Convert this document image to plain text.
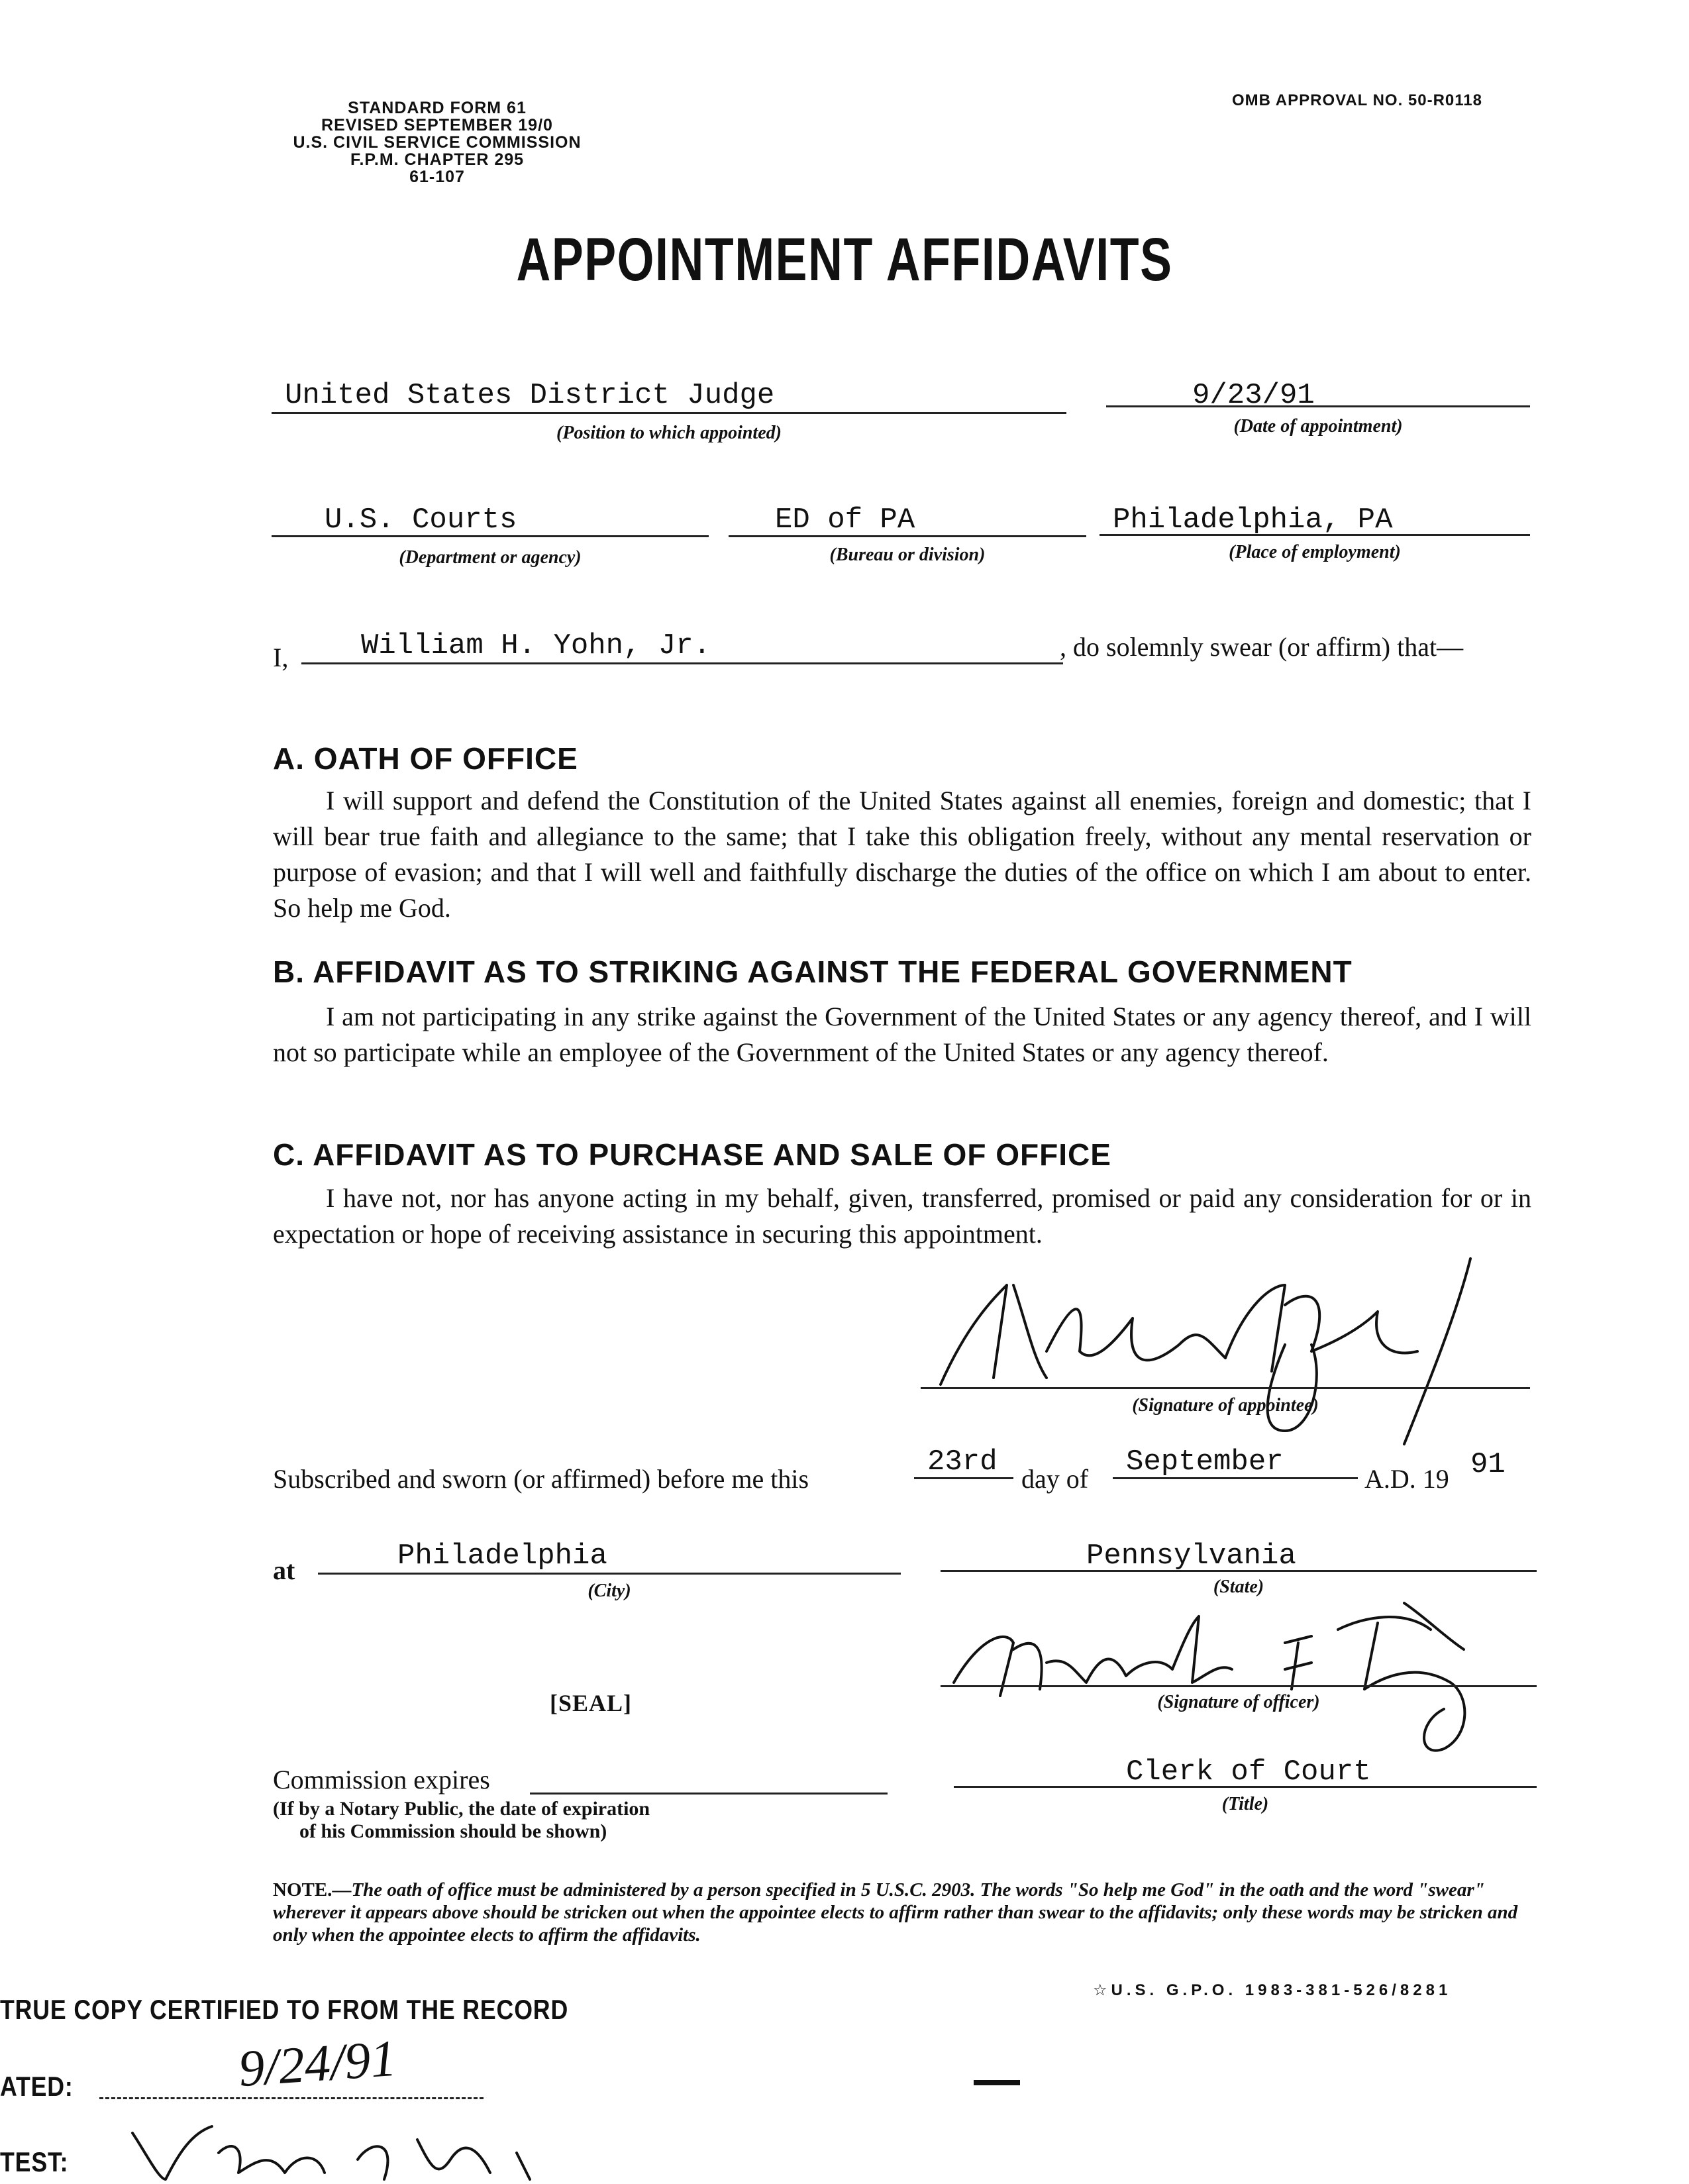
STANDARD FORM 61
REVISED SEPTEMBER 19/0
U.S. CIVIL SERVICE COMMISSION
F.P.M. CHAPTER 295
61-107
OMB APPROVAL NO. 50-R0118
APPOINTMENT AFFIDAVITS
United States District Judge
(Position to which appointed)
9/23/91
(Date of appointment)
U.S. Courts
(Department or agency)
ED of PA
(Bureau or division)
Philadelphia, PA
(Place of employment)
I, William H. Yohn, Jr.	, do solemnly swear (or affirm) that—
A. OATH OF OFFICE
I will support and defend the Constitution of the United States against all enemies, foreign and domestic; that I will bear true faith and allegiance to the same; that I take this obligation freely, without any mental reservation or purpose of evasion; and that I will well and faithfully discharge the duties of the office on which I am about to enter. So help me God.
B. AFFIDAVIT AS TO STRIKING AGAINST THE FEDERAL GOVERNMENT
I am not participating in any strike against the Government of the United States or any agency thereof, and I will not so participate while an employee of the Government of the United States or any agency thereof.
C. AFFIDAVIT AS TO PURCHASE AND SALE OF OFFICE
I have not, nor has anyone acting in my behalf, given, transferred, promised or paid any consideration for or in expectation or hope of receiving assistance in securing this appointment.
(Signature of appointee)
Subscribed and sworn (or affirmed) before me this
23rd
day of
September
A.D. 19 91
at	Philadelphia
(City)
Pennsylvania
(State)
(Signature of officer)
[SEAL]
Commission expires
(If by a Notary Public, the date of expiration
of his Commission should be shown)
Clerk of Court
(Title)
NOTE.—The oath of office must be administered by a person specified in 5 U.S.C. 2903. The words "So help me God" in the oath and the word "swear" wherever it appears above should be stricken out when the appointee elects to affirm rather than swear to the affidavits; only these words may be stricken and only when the appointee elects to affirm the affidavits.
☆U.S. G.P.O. 1983-381-526/8281
TRUE COPY CERTIFIED TO FROM THE RECORD
ATED:	9/24/91
TEST:
